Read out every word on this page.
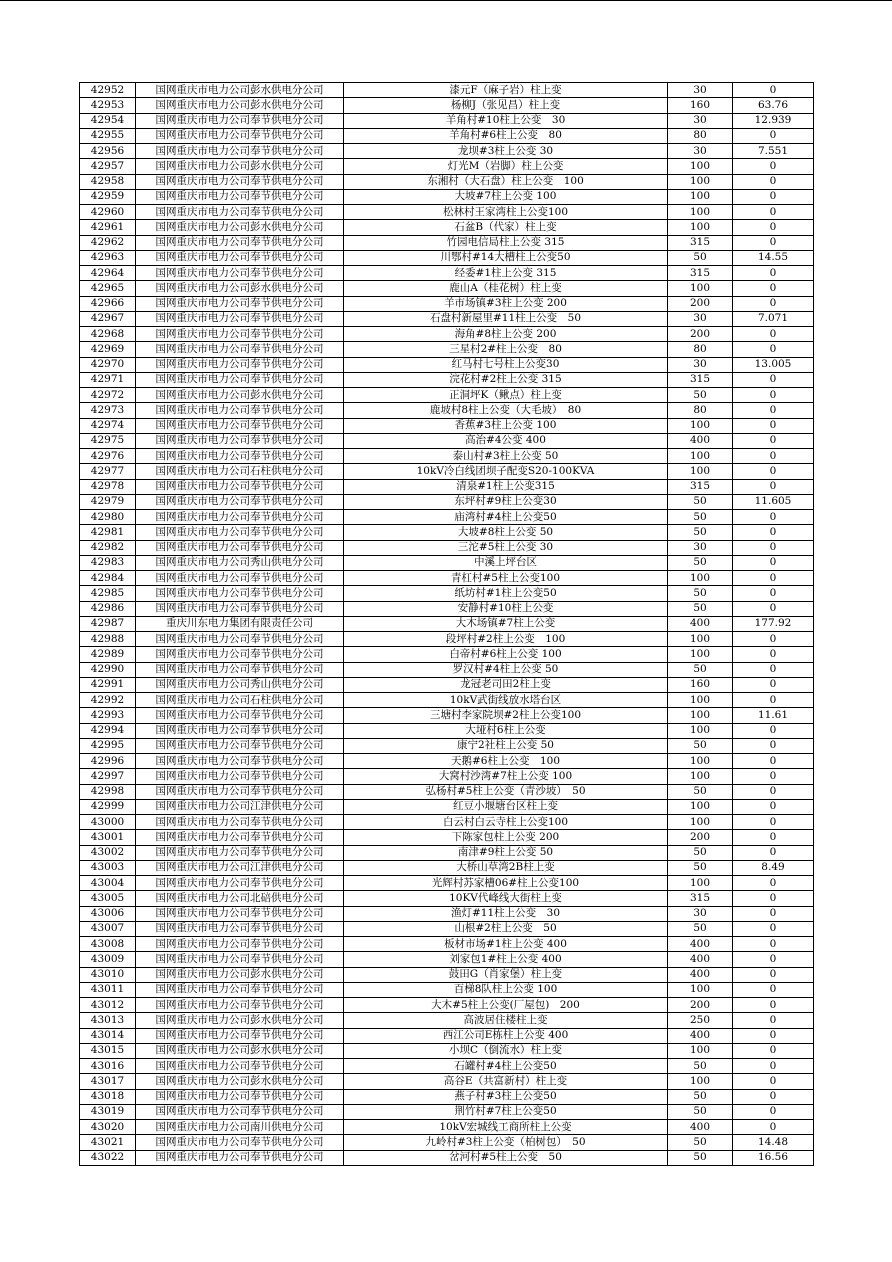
42952	国网重庆市电力公司彭水供电分公司	漆元F（麻子岩）柱上变	30	0
42953	国网重庆市电力公司彭水供电分公司	杨柳J（张见昌）柱上变	160	63.76
42954	国网重庆市电力公司奉节供电分公司	羊角村#10柱上公变　30	30	12.939
42955	国网重庆市电力公司奉节供电分公司	羊角村#6柱上公变　80	80	0
42956	国网重庆市电力公司奉节供电分公司	龙坝#3柱上公变 30	30	7.551
42957	国网重庆市电力公司彭水供电分公司	灯光M（岩脚）柱上公变	100	0
42958	国网重庆市电力公司奉节供电分公司	东湘村（大石盘）柱上公变　100	100	0
42959	国网重庆市电力公司奉节供电分公司	大坡#7柱上公变 100	100	0
42960	国网重庆市电力公司奉节供电分公司	松林村王家湾柱上公变100	100	0
42961	国网重庆市电力公司彭水供电分公司	石盆B（代家）柱上变	100	0
42962	国网重庆市电力公司奉节供电分公司	竹园电信局柱上公变 315	315	0
42963	国网重庆市电力公司奉节供电分公司	川鄂村#14大槽柱上公变50	50	14.55
42964	国网重庆市电力公司奉节供电分公司	经委#1柱上公变 315	315	0
42965	国网重庆市电力公司彭水供电分公司	鹿山A（桂花树）柱上变	100	0
42966	国网重庆市电力公司奉节供电分公司	羊市场镇#3柱上公变 200	200	0
42967	国网重庆市电力公司奉节供电分公司	石盘村新屋里#11柱上公变　50	30	7.071
42968	国网重庆市电力公司奉节供电分公司	海角#8柱上公变 200	200	0
42969	国网重庆市电力公司奉节供电分公司	三星村2#柱上公变　80	80	0
42970	国网重庆市电力公司奉节供电分公司	红马村七号柱上公变30	30	13.005
42971	国网重庆市电力公司奉节供电分公司	浣花村#2柱上公变 315	315	0
42972	国网重庆市电力公司彭水供电分公司	正洞坪K（鳅点）柱上变	50	0
42973	国网重庆市电力公司奉节供电分公司	鹿坡村8柱上公变（大毛坡）　80	80	0
42974	国网重庆市电力公司奉节供电分公司	香蕉#3柱上公变 100	100	0
42975	国网重庆市电力公司奉节供电分公司	高治#4公变 400	400	0
42976	国网重庆市电力公司奉节供电分公司	泰山村#3柱上公变 50	100	0
42977	国网重庆市电力公司石柱供电分公司	10kV冷白线团坝子配变S20-100KVA	100	0
42978	国网重庆市电力公司奉节供电分公司	清泉#1柱上公变315	315	0
42979	国网重庆市电力公司奉节供电分公司	东坪村#9柱上公变30	50	11.605
42980	国网重庆市电力公司奉节供电分公司	庙湾村#4柱上公变50	50	0
42981	国网重庆市电力公司奉节供电分公司	大坡#8柱上公变 50	50	0
42982	国网重庆市电力公司奉节供电分公司	三沱#5柱上公变 30	30	0
42983	国网重庆市电力公司秀山供电分公司	中溪上坪台区	50	0
42984	国网重庆市电力公司奉节供电分公司	青杠村#5柱上公变100	100	0
42985	国网重庆市电力公司奉节供电分公司	纸坊村#1柱上公变50	50	0
42986	国网重庆市电力公司奉节供电分公司	安静村#10柱上公变	50	0
42987	重庆川东电力集团有限责任公司	大木场镇#7柱上公变	400	177.92
42988	国网重庆市电力公司奉节供电分公司	段坪村#2柱上公变　100	100	0
42989	国网重庆市电力公司奉节供电分公司	白帝村#6柱上公变 100	100	0
42990	国网重庆市电力公司奉节供电分公司	罗汉村#4柱上公变 50	50	0
42991	国网重庆市电力公司秀山供电分公司	龙冠老司田2柱上变	160	0
42992	国网重庆市电力公司石柱供电分公司	10kV武街线放水塔台区	100	0
42993	国网重庆市电力公司奉节供电分公司	三塘村李家院坝#2柱上公变100	100	11.61
42994	国网重庆市电力公司奉节供电分公司	大垭村6柱上公变	100	0
42995	国网重庆市电力公司奉节供电分公司	康宁2社柱上公变 50	50	0
42996	国网重庆市电力公司奉节供电分公司	天鹅#6柱上公变　100	100	0
42997	国网重庆市电力公司奉节供电分公司	大窝村沙湾#7柱上公变 100	100	0
42998	国网重庆市电力公司奉节供电分公司	弘杨村#5柱上公变（青沙坡）　50	50	0
42999	国网重庆市电力公司江津供电分公司	红豆小堰塘台区柱上变	100	0
43000	国网重庆市电力公司奉节供电分公司	白云村白云寺柱上公变100	100	0
43001	国网重庆市电力公司奉节供电分公司	下陈家包柱上公变 200	200	0
43002	国网重庆市电力公司奉节供电分公司	南津#9柱上公变 50	50	0
43003	国网重庆市电力公司江津供电分公司	大桥山草湾2B柱上变	50	8.49
43004	国网重庆市电力公司奉节供电分公司	光辉村苏家槽06#柱上公变100	100	0
43005	国网重庆市电力公司北碚供电分公司	10KV代峰线大街柱上变	315	0
43006	国网重庆市电力公司奉节供电分公司	渔灯#11柱上公变　30	30	0
43007	国网重庆市电力公司奉节供电分公司	山根#2柱上公变　50	50	0
43008	国网重庆市电力公司奉节供电分公司	板材市场#1柱上公变 400	400	0
43009	国网重庆市电力公司奉节供电分公司	刘家包1#柱上公变 400	400	0
43010	国网重庆市电力公司彭水供电分公司	鼓田G（肖家堡）柱上变	400	0
43011	国网重庆市电力公司奉节供电分公司	百梯8队柱上公变 100	100	0
43012	国网重庆市电力公司奉节供电分公司	大木#5柱上公变(厂屋包)　200	200	0
43013	国网重庆市电力公司彭水供电分公司	高波居住楼柱上变	250	0
43014	国网重庆市电力公司奉节供电分公司	西江公司E栋柱上公变 400	400	0
43015	国网重庆市电力公司彭水供电分公司	小坝C（倒流水）柱上变	100	0
43016	国网重庆市电力公司奉节供电分公司	石罐村#4柱上公变50	50	0
43017	国网重庆市电力公司彭水供电分公司	高谷E（共富新村）柱上变	100	0
43018	国网重庆市电力公司奉节供电分公司	燕子村#3柱上公变50	50	0
43019	国网重庆市电力公司奉节供电分公司	荆竹村#7柱上公变50	50	0
43020	国网重庆市电力公司南川供电分公司	10kV宏城线工商所柱上公变	400	0
43021	国网重庆市电力公司奉节供电分公司	九岭村#3柱上公变（柏树包）　50	50	14.48
43022	国网重庆市电力公司奉节供电分公司	岔河村#5柱上公变　50	50	16.56
